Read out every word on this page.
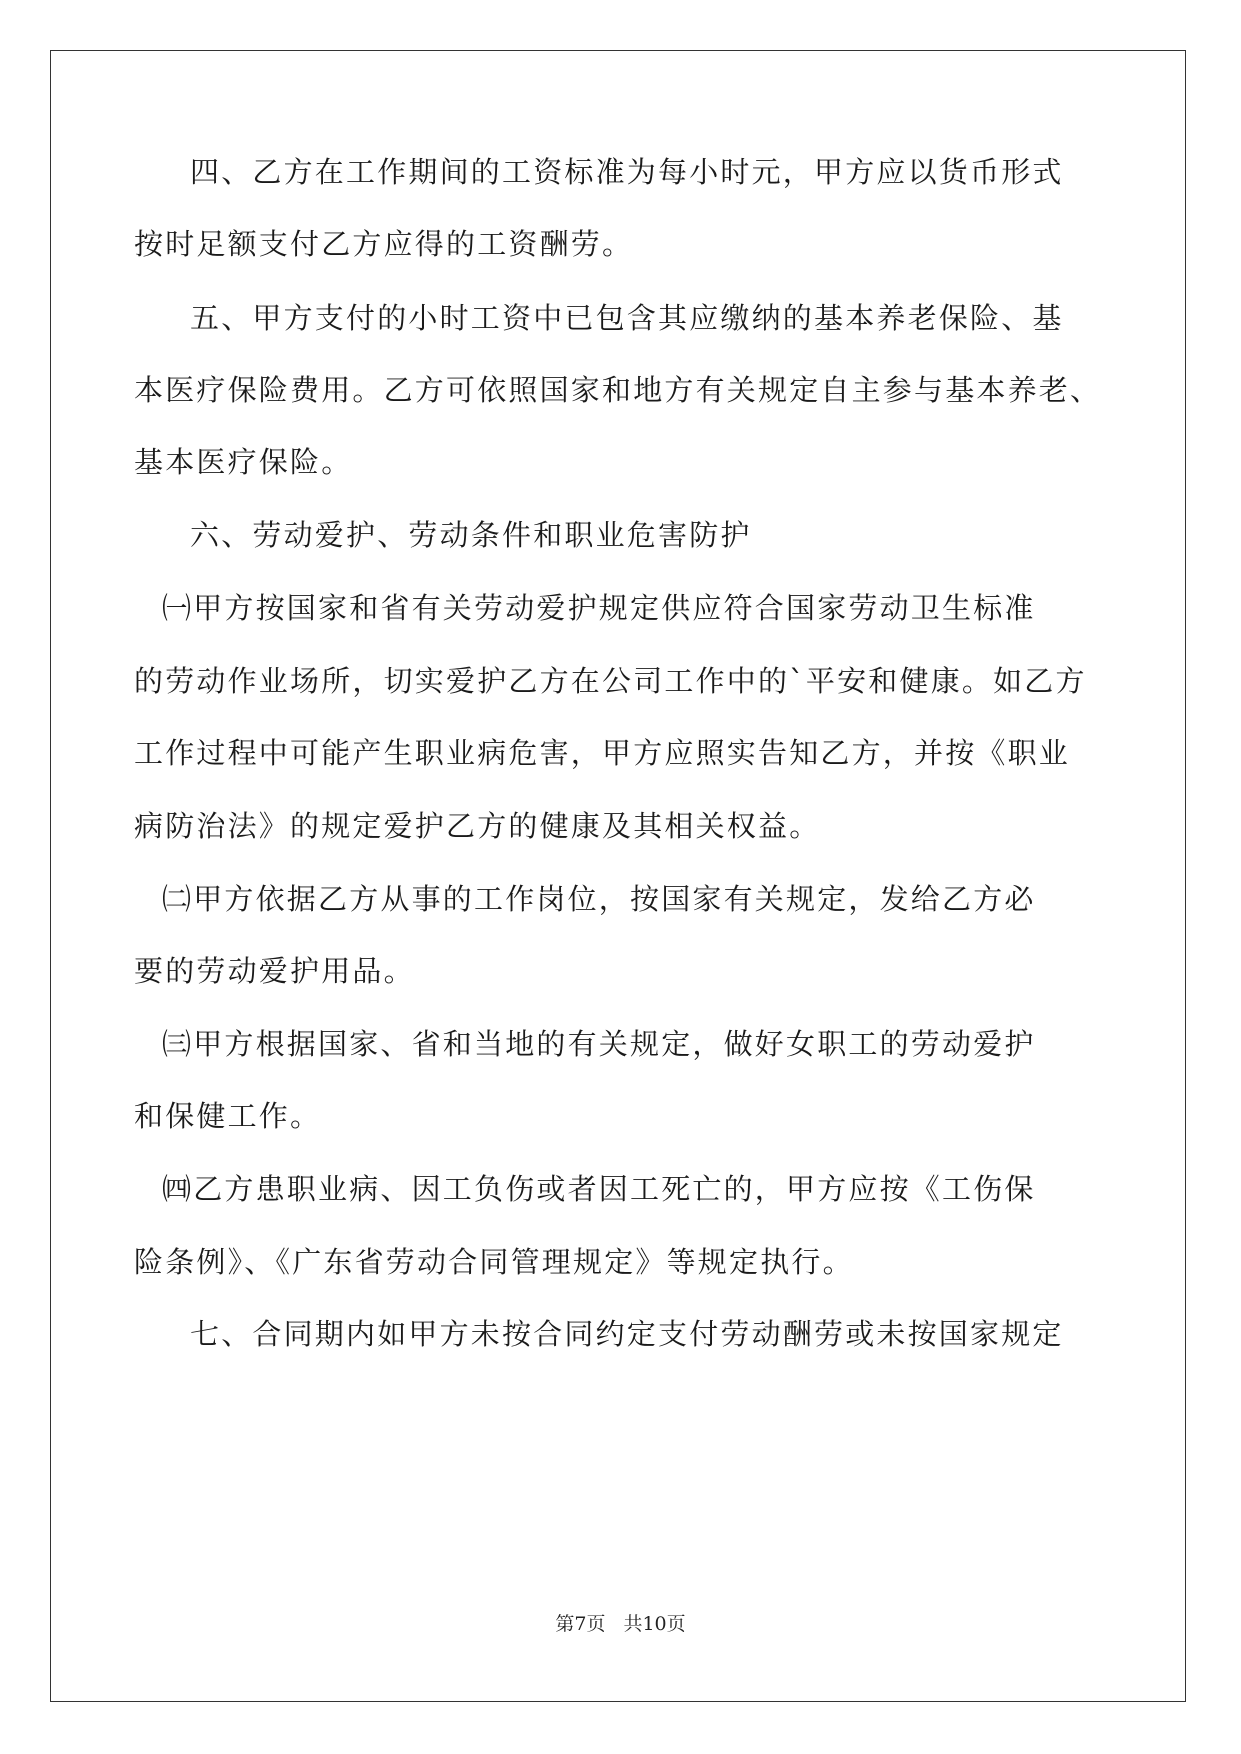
四、乙方在工作期间的工资标准为每小时元，甲方应以货币形式
按时足额支付乙方应得的工资酬劳。
五、甲方支付的小时工资中已包含其应缴纳的基本养老保险、基
本医疗保险费用。乙方可依照国家和地方有关规定自主参与基本养老、
基本医疗保险。
六、劳动爱护、劳动条件和职业危害防护
㈠甲方按国家和省有关劳动爱护规定供应符合国家劳动卫生标准
的劳动作业场所，切实爱护乙方在公司工作中的`平安和健康。如乙方
工作过程中可能产生职业病危害，甲方应照实告知乙方，并按《职业
病防治法》的规定爱护乙方的健康及其相关权益。
㈡甲方依据乙方从事的工作岗位，按国家有关规定，发给乙方必
要的劳动爱护用品。
㈢甲方根据国家、省和当地的有关规定，做好女职工的劳动爱护
和保健工作。
㈣乙方患职业病、因工负伤或者因工死亡的，甲方应按《工伤保
险条例》、《广东省劳动合同管理规定》等规定执行。
七、合同期内如甲方未按合同约定支付劳动酬劳或未按国家规定
第7页 共10页
